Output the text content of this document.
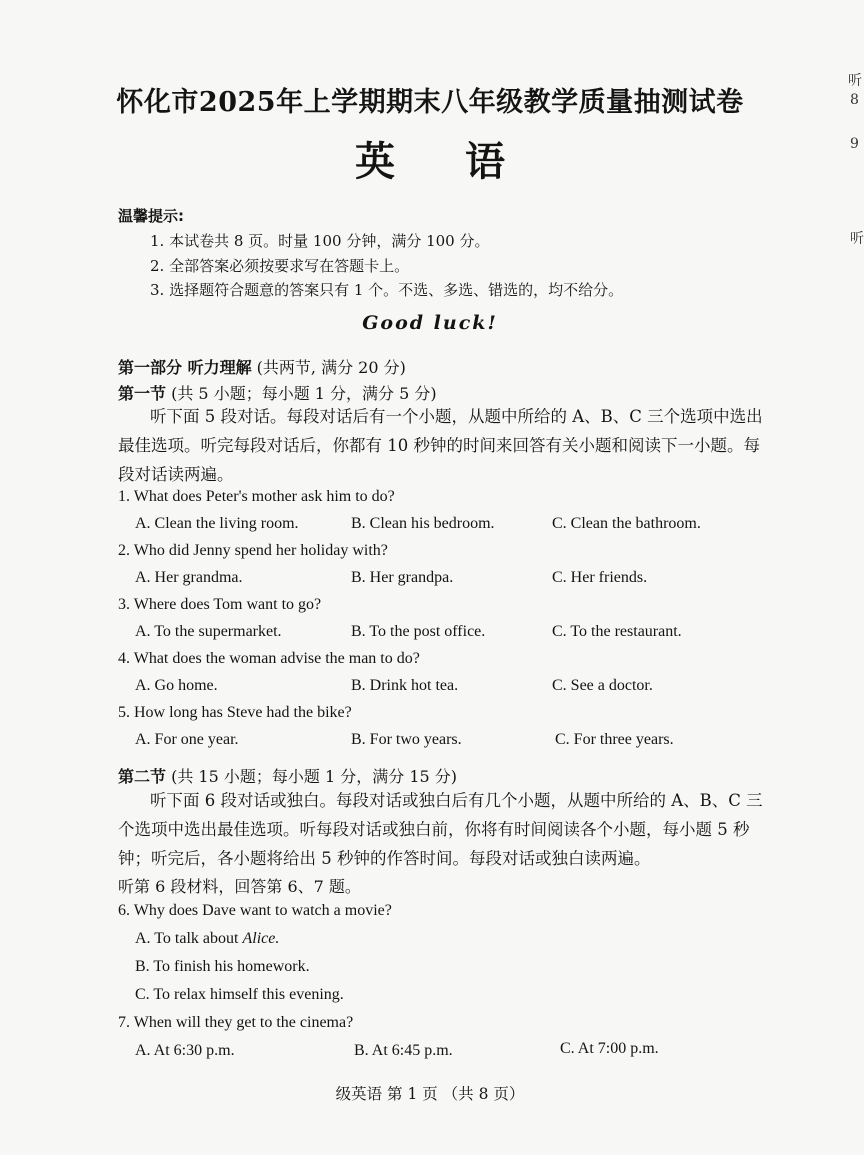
听
8
9
听
怀化市2025年上学期期末八年级教学质量抽测试卷
英 语
温馨提示:
1. 本试卷共 8 页。时量 100 分钟，满分 100 分。
2. 全部答案必须按要求写在答题卡上。
3. 选择题符合题意的答案只有 1 个。不选、多选、错选的，均不给分。
Good luck!
第一部分 听力理解 (共两节, 满分 20 分)
第一节 (共 5 小题；每小题 1 分，满分 5 分)
听下面 5 段对话。每段对话后有一个小题，从题中所给的 A、B、C 三个选项中选出最佳选项。听完每段对话后，你都有 10 秒钟的时间来回答有关小题和阅读下一小题。每段对话读两遍。
1. What does Peter's mother ask him to do?
A. Clean the living room.	B. Clean his bedroom.	C. Clean the bathroom.
2. Who did Jenny spend her holiday with?
A. Her grandma.	B. Her grandpa.	C. Her friends.
3. Where does Tom want to go?
A. To the supermarket.	B. To the post office.	C. To the restaurant.
4. What does the woman advise the man to do?
A. Go home.	B. Drink hot tea.	C. See a doctor.
5. How long has Steve had the bike?
A. For one year.	B. For two years.	C. For three years.
第二节 (共 15 小题；每小题 1 分，满分 15 分)
听下面 6 段对话或独白。每段对话或独白后有几个小题，从题中所给的 A、B、C 三个选项中选出最佳选项。听每段对话或独白前，你将有时间阅读各个小题，每小题 5 秒钟；听完后，各小题将给出 5 秒钟的作答时间。每段对话或独白读两遍。
听第 6 段材料，回答第 6、7 题。
6. Why does Dave want to watch a movie?
A. To talk about Alice.
B. To finish his homework.
C. To relax himself this evening.
7. When will they get to the cinema?
A. At 6:30 p.m.	B. At 6:45 p.m.	C. At 7:00 p.m.
级英语 第 1 页 （共 8 页）
